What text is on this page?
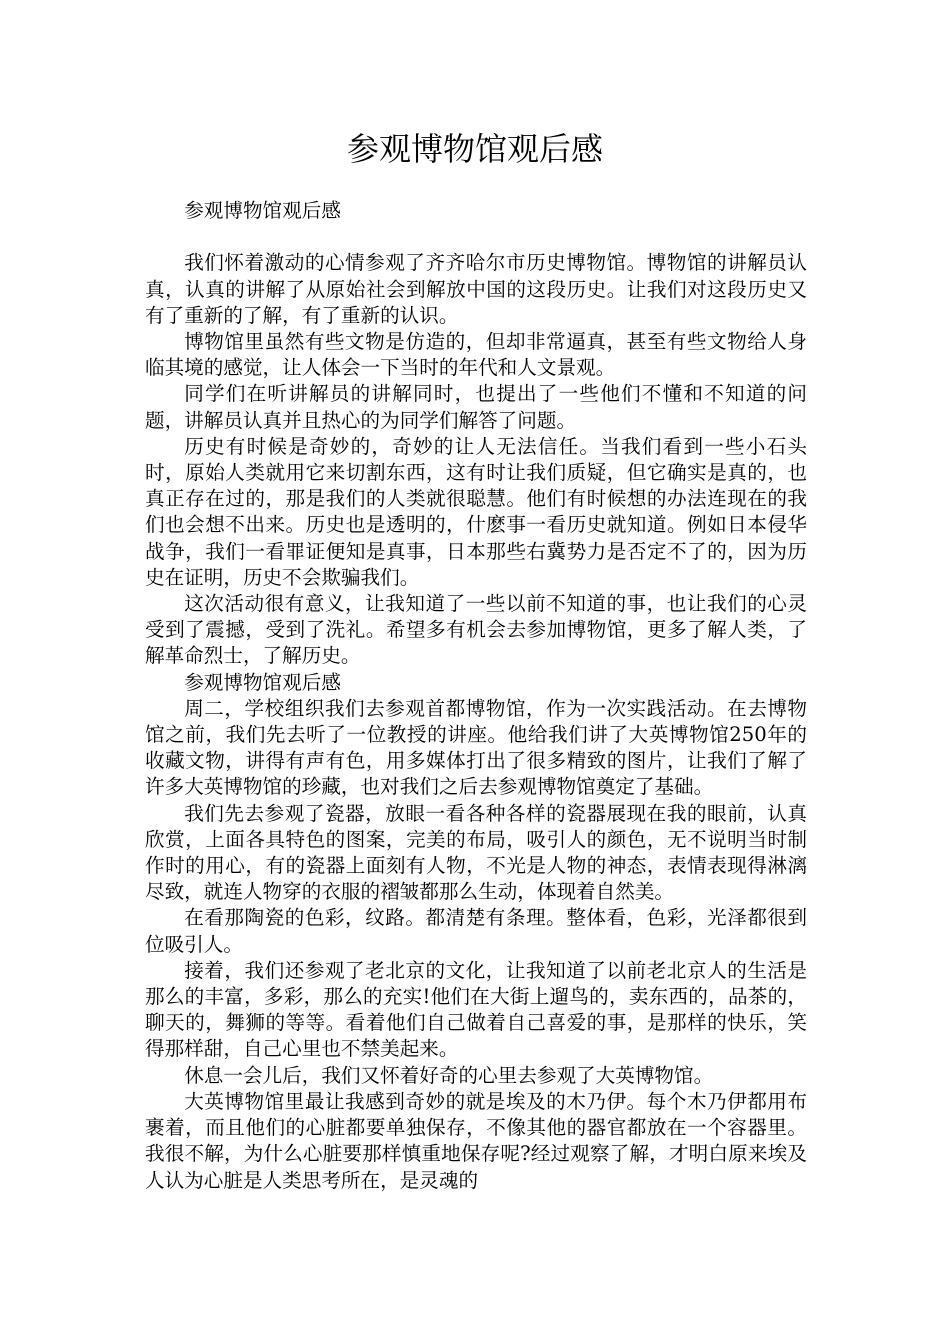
参观博物馆观后感

参观博物馆观后感

我们怀着激动的心情参观了齐齐哈尔市历史博物馆。博物馆的讲解员认真，认真的讲解了从原始社会到解放中国的这段历史。让我们对这段历史又有了重新的了解，有了重新的认识。

博物馆里虽然有些文物是仿造的，但却非常逼真，甚至有些文物给人身临其境的感觉，让人体会一下当时的年代和人文景观。

同学们在听讲解员的讲解同时，也提出了一些他们不懂和不知道的问题，讲解员认真并且热心的为同学们解答了问题。

历史有时候是奇妙的，奇妙的让人无法信任。当我们看到一些小石头时，原始人类就用它来切割东西，这有时让我们质疑，但它确实是真的，也真正存在过的，那是我们的人类就很聪慧。他们有时候想的办法连现在的我们也会想不出来。历史也是透明的，什麽事一看历史就知道。例如日本侵华战争，我们一看罪证便知是真事，日本那些右冀势力是否定不了的，因为历史在证明，历史不会欺骗我们。

这次活动很有意义，让我知道了一些以前不知道的事，也让我们的心灵受到了震撼，受到了洗礼。希望多有机会去参加博物馆，更多了解人类，了解革命烈士，了解历史。

参观博物馆观后感

周二，学校组织我们去参观首都博物馆，作为一次实践活动。在去博物馆之前，我们先去听了一位教授的讲座。他给我们讲了大英博物馆250年的收藏文物，讲得有声有色，用多媒体打出了很多精致的图片，让我们了解了许多大英博物馆的珍藏，也对我们之后去参观博物馆奠定了基础。

我们先去参观了瓷器，放眼一看各种各样的瓷器展现在我的眼前，认真欣赏，上面各具特色的图案，完美的布局，吸引人的颜色，无不说明当时制作时的用心，有的瓷器上面刻有人物，不光是人物的神态，表情表现得淋漓尽致，就连人物穿的衣服的褶皱都那么生动，体现着自然美。

在看那陶瓷的色彩，纹路。都清楚有条理。整体看，色彩，光泽都很到位吸引人。

接着，我们还参观了老北京的文化，让我知道了以前老北京人的生活是那么的丰富，多彩，那么的充实!他们在大街上遛鸟的，卖东西的，品茶的，聊天的，舞狮的等等。看着他们自己做着自己喜爱的事，是那样的快乐，笑得那样甜，自己心里也不禁美起来。

休息一会儿后，我们又怀着好奇的心里去参观了大英博物馆。

大英博物馆里最让我感到奇妙的就是埃及的木乃伊。每个木乃伊都用布裹着，而且他们的心脏都要单独保存，不像其他的器官都放在一个容器里。我很不解，为什么心脏要那样慎重地保存呢?经过观察了解，才明白原来埃及人认为心脏是人类思考所在，是灵魂的
